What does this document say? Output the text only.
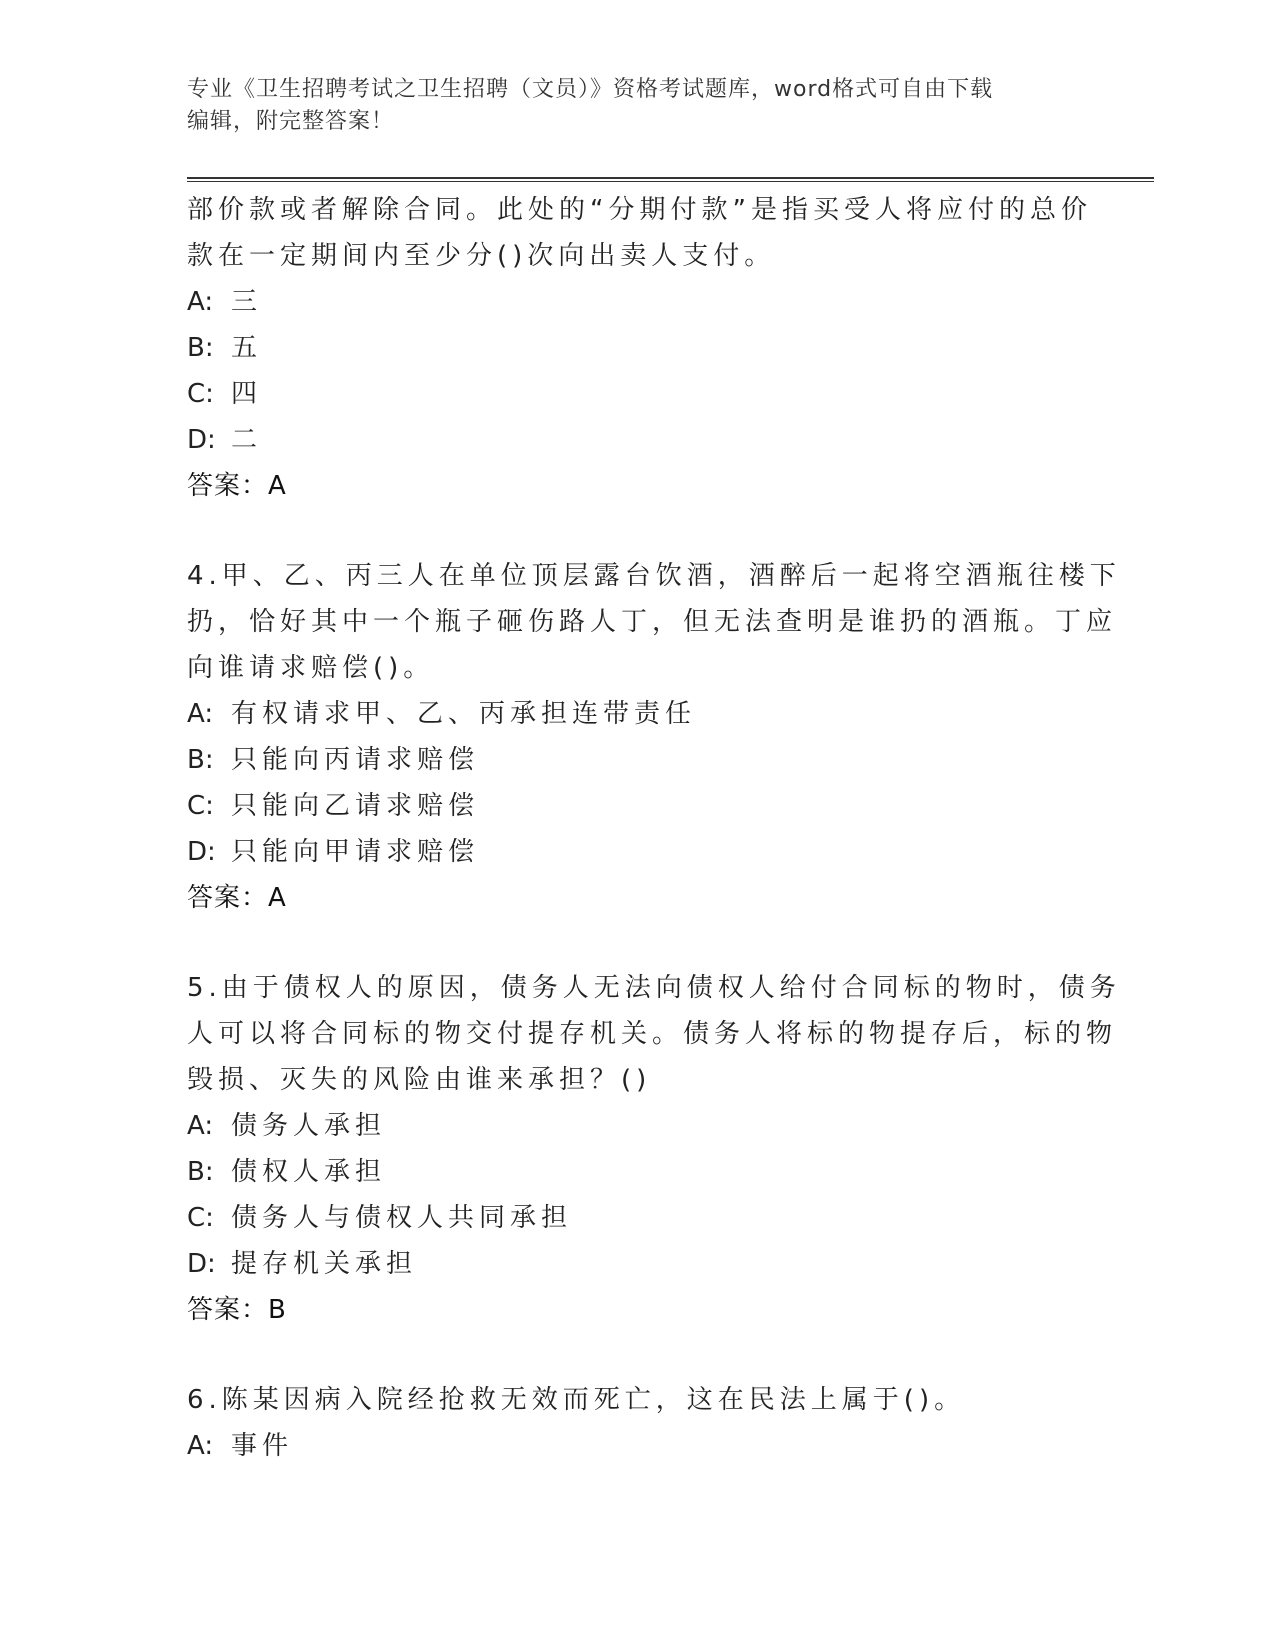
专业《卫生招聘考试之卫生招聘（文员）》资格考试题库，word格式可自由下载
编辑，附完整答案！
部价款或者解除合同。此处的“分期付款”是指买受人将应付的总价
款在一定期间内至少分()次向出卖人支付。
A: 三
B: 五
C: 四
D: 二
答案：A
4.甲、乙、丙三人在单位顶层露台饮酒，酒醉后一起将空酒瓶往楼下
扔，恰好其中一个瓶子砸伤路人丁，但无法查明是谁扔的酒瓶。丁应
向谁请求赔偿()。
A: 有权请求甲、乙、丙承担连带责任
B: 只能向丙请求赔偿
C: 只能向乙请求赔偿
D: 只能向甲请求赔偿
答案：A
5.由于债权人的原因，债务人无法向债权人给付合同标的物时，债务
人可以将合同标的物交付提存机关。债务人将标的物提存后，标的物
毁损、灭失的风险由谁来承担？()
A: 债务人承担
B: 债权人承担
C: 债务人与债权人共同承担
D: 提存机关承担
答案：B
6.陈某因病入院经抢救无效而死亡，这在民法上属于()。
A: 事件
